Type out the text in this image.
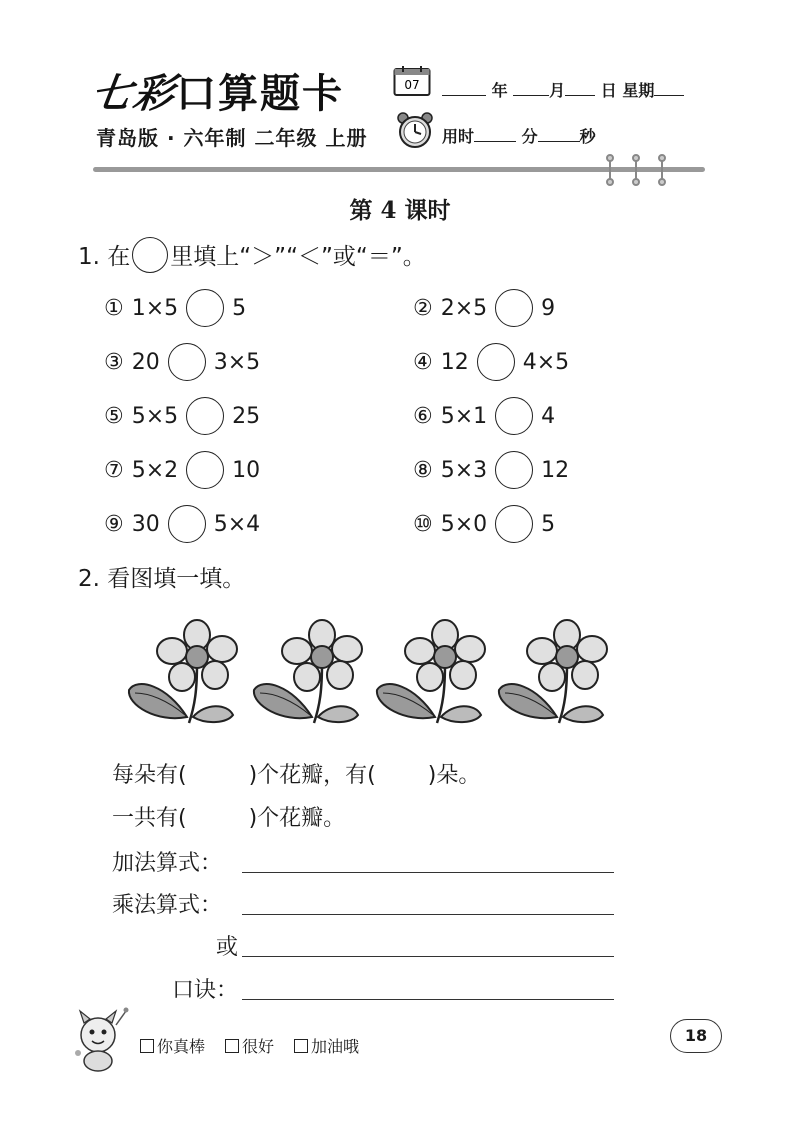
七彩口算题卡
青岛版 · 六年制 二年级 上册
07	年	月 日 星期
用时	分	秒
第 4 课时
1. 在 里填上“＞”“＜”或“＝”。
① 1×5 5
③ 20 3×5
⑤ 5×5 25
⑦ 5×2 10
⑨ 30 5×4
② 2×5 9
④ 12 4×5
⑥ 5×1 4
⑧ 5×3 12
⑩ 5×0 5
2. 看图填一填。
每朵有(	)个花瓣，有( )朵。
一共有(	)个花瓣。
加法算式：
乘法算式：
或
口诀：
你真棒 很好 加油哦
18
